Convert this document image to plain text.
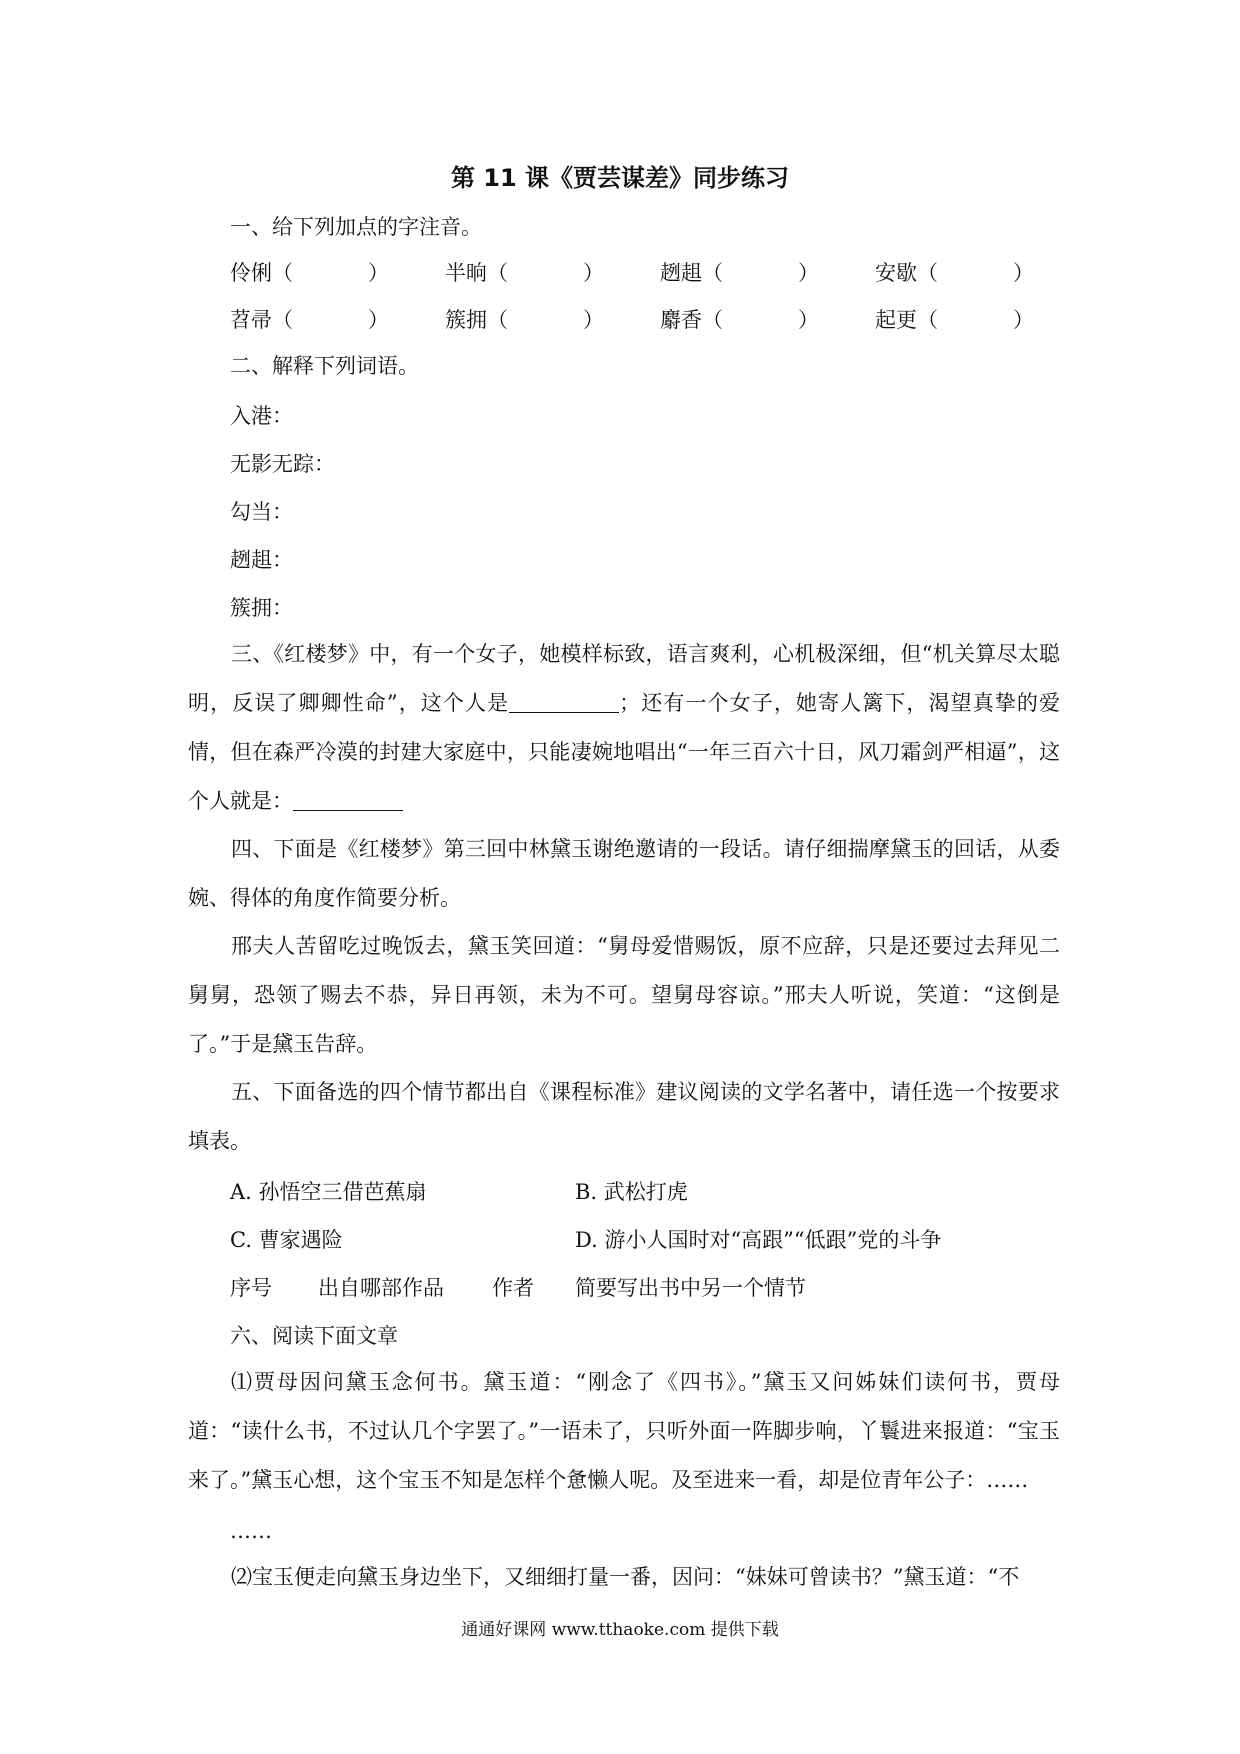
第 11 课《贾芸谋差》同步练习
一、给下列加点的字注音。
伶俐（	）	半晌（	）	趔趄（	）	安歇（	）
苕帚（	）	簇拥（	）	麝香（	）	起更（	）
二、解释下列词语。
入港：
无影无踪：
勾当：
趔趄：
簇拥：
三、《红楼梦》中，有一个女子，她模样标致，语言爽利，心机极深细，但“机关算尽太聪明，反误了卿卿性命”，这个人是	；还有一个女子，她寄人篱下，渴望真挚的爱情，但在森严冷漠的封建大家庭中，只能凄婉地唱出“一年三百六十日，风刀霜剑严相逼”，这个人就是：
四、下面是《红楼梦》第三回中林黛玉谢绝邀请的一段话。请仔细揣摩黛玉的回话，从委婉、得体的角度作简要分析。
邢夫人苦留吃过晚饭去，黛玉笑回道：“舅母爱惜赐饭，原不应辞，只是还要过去拜见二舅舅，恐领了赐去不恭，异日再领，未为不可。望舅母容谅。”邢夫人听说，笑道：“这倒是了。”于是黛玉告辞。
五、下面备选的四个情节都出自《课程标准》建议阅读的文学名著中，请任选一个按要求填表。
A. 孙悟空三借芭蕉扇	B. 武松打虎
C. 曹家遇险	D. 游小人国时对“高跟”“低跟”党的斗争
序号 出自哪部作品 作者 简要写出书中另一个情节
六、阅读下面文章
⑴贾母因问黛玉念何书。黛玉道：“刚念了《四书》。”黛玉又问姊妹们读何书，贾母道：“读什么书，不过认几个字罢了。”一语未了，只听外面一阵脚步响，丫鬟进来报道：“宝玉来了。”黛玉心想，这个宝玉不知是怎样个惫懒人呢。及至进来一看，却是位青年公子：……
……
⑵宝玉便走向黛玉身边坐下，又细细打量一番，因问：“妹妹可曾读书？”黛玉道：“不
通通好课网 www.tthaoke.com 提供下载
